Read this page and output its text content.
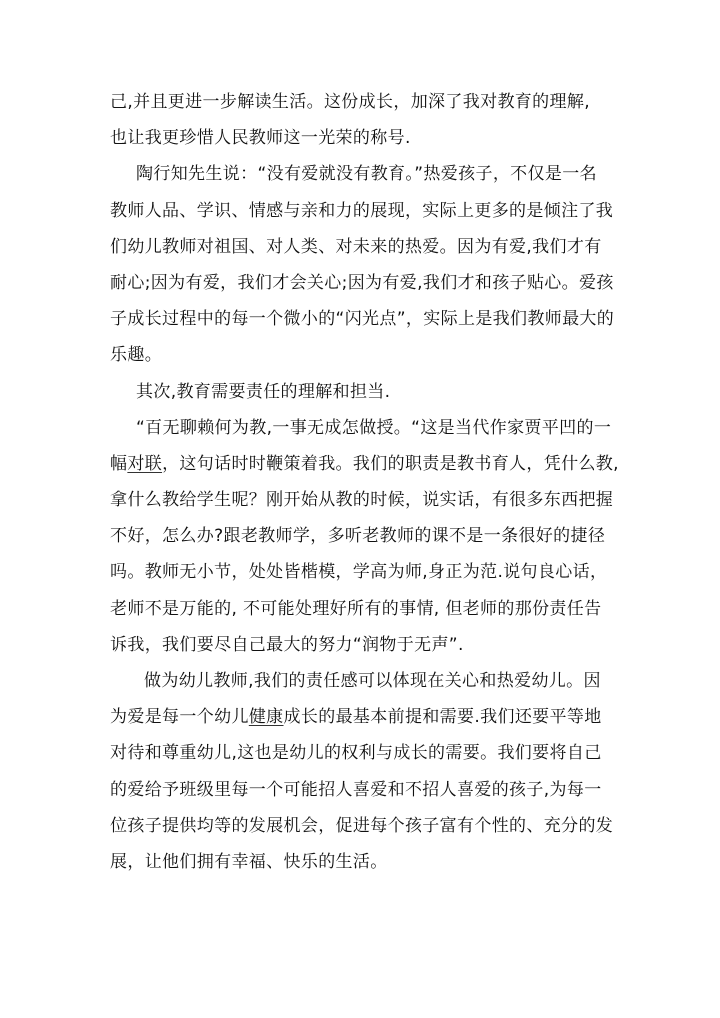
己,并且更进一步解读生活。这份成长，加深了我对教育的理解,
也让我更珍惜人民教师这一光荣的称号.
陶行知先生说：“没有爱就没有教育。”热爱孩子，不仅是一名
教师人品、学识、情感与亲和力的展现，实际上更多的是倾注了我
们幼儿教师对祖国、对人类、对未来的热爱。因为有爱,我们才有
耐心;因为有爱，我们才会关心;因为有爱,我们才和孩子贴心。爱孩
子成长过程中的每一个微小的“闪光点”，实际上是我们教师最大的
乐趣。
其次,教育需要责任的理解和担当.
“百无聊赖何为教,一事无成怎做授。“这是当代作家贾平凹的一
幅对联，这句话时时鞭策着我。我们的职责是教书育人，凭什么教,
拿什么教给学生呢？刚开始从教的时候，说实话，有很多东西把握
不好，怎么办?跟老教师学，多听老教师的课不是一条很好的捷径
吗。教师无小节，处处皆楷模，学高为师,身正为范.说句良心话，
老师不是万能的, 不可能处理好所有的事情, 但老师的那份责任告
诉我，我们要尽自己最大的努力“润物于无声”.
做为幼儿教师,我们的责任感可以体现在关心和热爱幼儿。因
为爱是每一个幼儿健康成长的最基本前提和需要.我们还要平等地
对待和尊重幼儿,这也是幼儿的权利与成长的需要。我们要将自己
的爱给予班级里每一个可能招人喜爱和不招人喜爱的孩子,为每一
位孩子提供均等的发展机会，促进每个孩子富有个性的、充分的发
展，让他们拥有幸福、快乐的生活。
